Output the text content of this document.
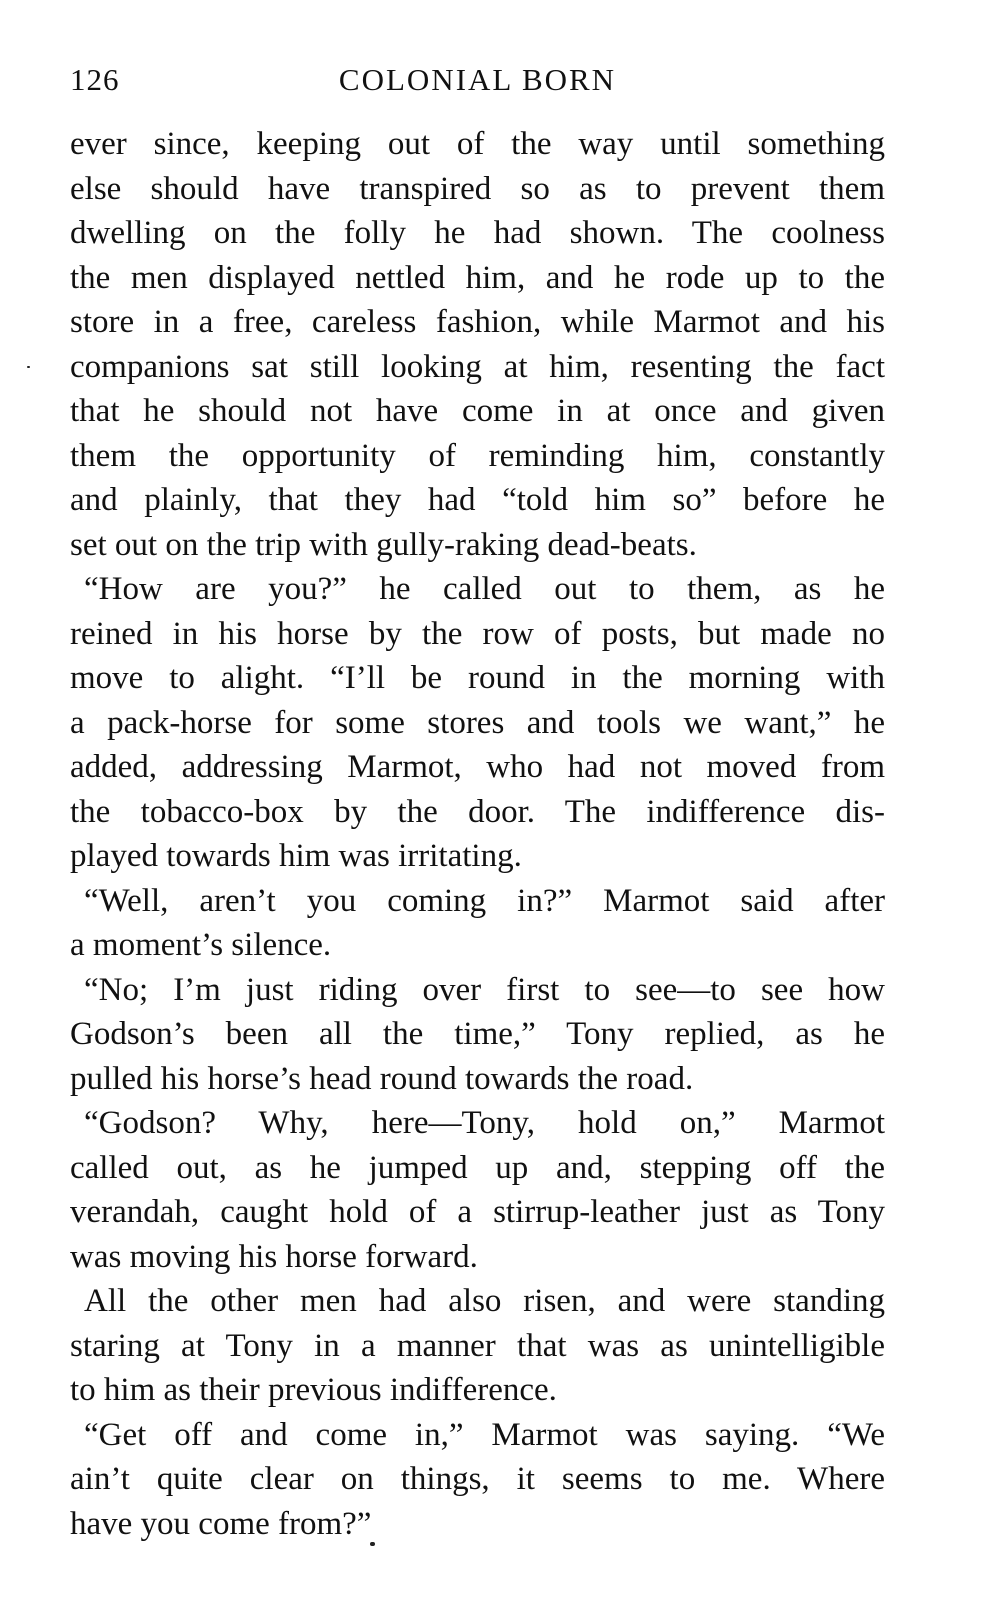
126	COLONIAL BORN
ever since, keeping out of the way until something
else should have transpired so as to prevent them
dwelling on the folly he had shown. The coolness
the men displayed nettled him, and he rode up to the
store in a free, careless fashion, while Marmot and his
companions sat still looking at him, resenting the fact
that he should not have come in at once and given
them the opportunity of reminding him, constantly
and plainly, that they had “told him so” before he
set out on the trip with gully-raking dead-beats.
“How are you?” he called out to them, as he
reined in his horse by the row of posts, but made no
move to alight. “I’ll be round in the morning with
a pack-horse for some stores and tools we want,” he
added, addressing Marmot, who had not moved from
the tobacco-box by the door. The indifference dis-
played towards him was irritating.
“Well, aren’t you coming in?” Marmot said after
a moment’s silence.
“No; I’m just riding over first to see—to see how
Godson’s been all the time,” Tony replied, as he
pulled his horse’s head round towards the road.
“Godson? Why, here—Tony, hold on,” Marmot
called out, as he jumped up and, stepping off the
verandah, caught hold of a stirrup-leather just as Tony
was moving his horse forward.
All the other men had also risen, and were standing
staring at Tony in a manner that was as unintelligible
to him as their previous indifference.
“Get off and come in,” Marmot was saying. “We
ain’t quite clear on things, it seems to me. Where
have you come from?”
